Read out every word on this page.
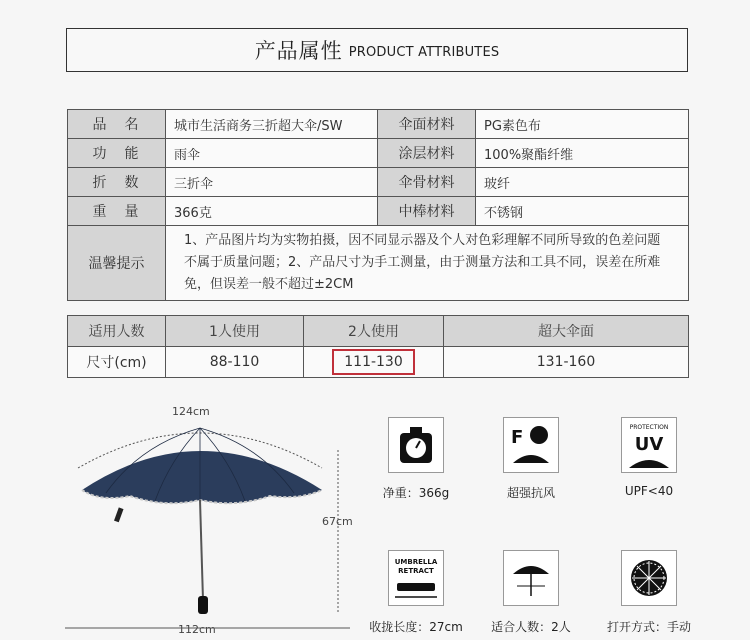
产品属性 PRODUCT ATTRIBUTES
品　名	城市生活商务三折超大伞/SW	伞面材料	PG素色布
功　能	雨伞	涂层材料	100%聚酯纤维
折　数	三折伞	伞骨材料	玻纤
重　量	366克	中棒材料	不锈钢
温馨提示	1、产品图片均为实物拍摄，因不同显示器及个人对色彩理解不同所导致的色差问题不属于质量问题；2、产品尺寸为手工测量，由于测量方法和工具不同，误差在所难免，但误差一般不超过±2CM		
适用人数	1人使用	2人使用	超大伞面
尺寸(cm)	88-110	111-130	131-160
124cm
67cm
112cm
净重：366g
F
超强抗风
PROTECTION
UV
UPF<40
UMBRELLA
RETRACT
收拢长度：27cm	适合人数：2人	打开方式：手动
